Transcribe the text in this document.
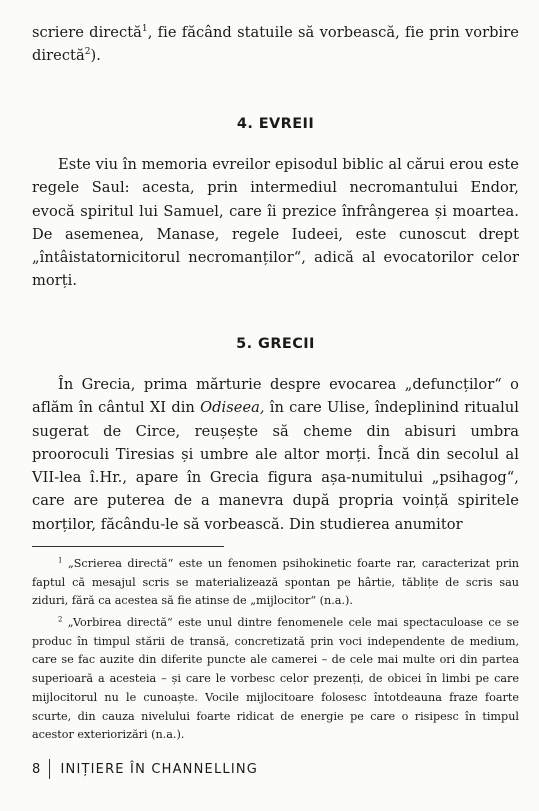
scriere directă$^1$, fie făcând statuile să vorbească, fie prin vorbire directă$^2$).

4. EVREII

Este viu în memoria evreilor episodul biblic al cărui erou este regele Saul: acesta, prin intermediul necromantului Endor, evocă spiritul lui Samuel, care îi prezice înfrângerea și moartea. De asemenea, Manase, regele Iudeei, este cunoscut drept „întâistatornicitorul necromanților“, adică al evocatorilor celor morți.

5. GRECII

În Grecia, prima mărturie despre evocarea „defuncților“ o aflăm în cântul XI din Odiseea, în care Ulise, îndeplinind ritualul sugerat de Circe, reușește să cheme din abisuri umbra prooroculi Tiresias și umbre ale altor morți. Încă din secolul al VII-lea î.Hr., apare în Grecia figura așa-numitului „psihagog“, care are puterea de a manevra după propria voință spiritele morților, făcându-le să vorbească. Din studierea anumitor

$^1$ „Scrierea directă“ este un fenomen psihokinetic foarte rar, caracterizat prin faptul că mesajul scris se materializează spontan pe hârtie, tăblițe de scris sau ziduri, fără ca acestea să fie atinse de „mijlocitor“ (n.a.).

$^2$ „Vorbirea directă“ este unul dintre fenomenele cele mai spectaculoase ce se produc în timpul stării de transă, concretizată prin voci independente de medium, care se fac auzite din diferite puncte ale camerei – de cele mai multe ori din partea superioară a acesteia – și care le vorbesc celor prezenți, de obicei în limbi pe care mijlocitorul nu le cunoaște. Vocile mijlocitoare folosesc întotdeauna fraze foarte scurte, din cauza nivelului foarte ridicat de energie pe care o risipesc în timpul acestor exteriorizări (n.a.).

8 INIȚIERE ÎN CHANNELLING
